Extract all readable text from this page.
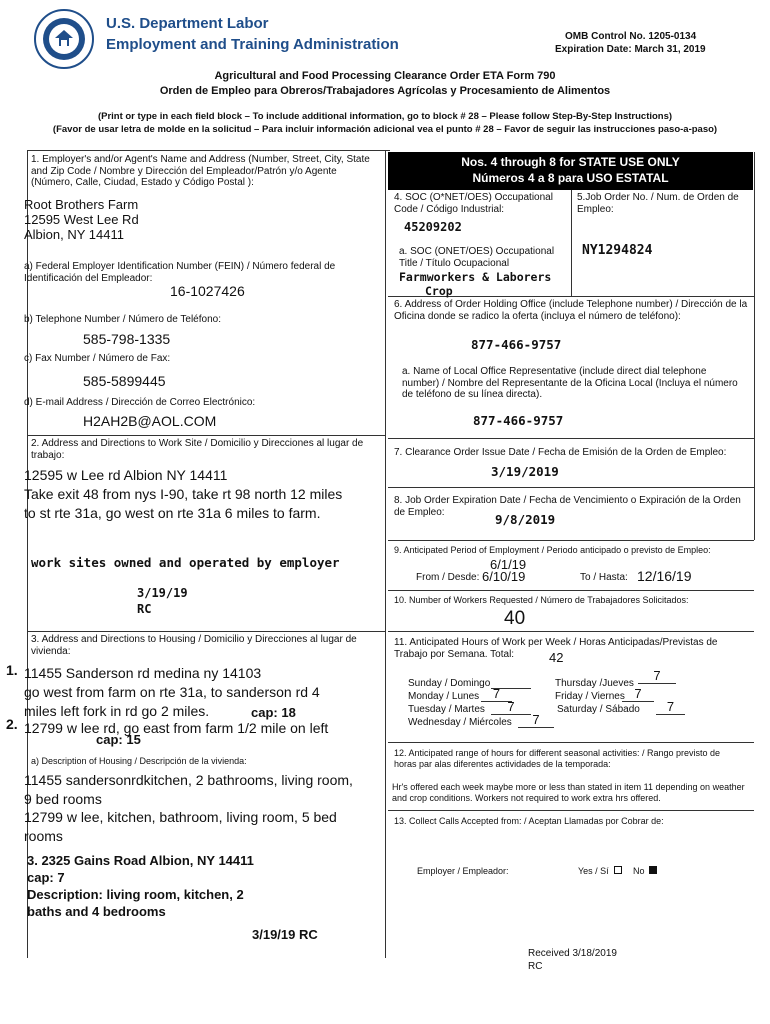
U.S. Department Labor
Employment and Training Administration	OMB Control No. 1205-0134
Expiration Date: March 31, 2019
Agricultural and Food Processing Clearance Order ETA Form 790
Orden de Empleo para Obreros/Trabajadores Agrícolas y Procesamiento de Alimentos
(Print or type in each field block – To include additional information, go to block # 28 – Please follow Step-By-Step Instructions)
(Favor de usar letra de molde en la solicitud – Para incluir información adicional vea el punto # 28 – Favor de seguir las instrucciones paso-a-paso)
Nos. 4 through 8 for STATE USE ONLY
Números 4 a 8 para USO ESTATAL
1. Employer's and/or Agent's Name and Address (Number, Street, City, State and Zip Code / Nombre y Dirección del Empleador/Patrón y/o Agente (Número, Calle, Ciudad, Estado y Código Postal ):
Root Brothers Farm
12595 West Lee Rd
Albion, NY 14411
a) Federal Employer Identification Number (FEIN) / Número federal de Identificación del Empleador:
16-1027426
b) Telephone Number / Número de Teléfono:
585-798-1335
c) Fax Number / Número de Fax:
585-5899445
d) E-mail Address / Dirección de Correo Electrónico:
H2AH2B@AOL.COM
2. Address and Directions to Work Site / Domicilio y Direcciones al lugar de trabajo:
12595 w Lee rd Albion NY 14411
Take exit 48 from nys I-90, take rt 98 north 12 miles
to st rte 31a, go west on rte 31a 6 miles to farm.
work sites owned and operated by employer
3/19/19
RC
3. Address and Directions to Housing / Domicilio y Direcciones al lugar de vivienda:
1. 11455 Sanderson rd medina ny 14103
go west from farm on rte 31a, to sanderson rd 4
miles left fork in rd go 2 miles.	cap: 18
2. 12799 w lee rd, go east from farm 1/2 mile on left
cap: 15
a) Description of Housing / Descripción de la vivienda:
11455 sandersonrdkitchen, 2 bathrooms, living room,
9 bed rooms
12799 w lee, kitchen, bathroom, living room, 5 bed
rooms
3. 2325 Gains Road Albion, NY 14411
cap: 7
Description: living room, kitchen, 2
baths and 4 bedrooms
3/19/19 RC
4. SOC (O*NET/OES) Occupational Code / Código Industrial:
45209202
5.Job Order No. / Num. de Orden de Empleo:
NY1294824
a. SOC (ONET/OES) Occupational Title / Título Ocupacional
Farmworkers & Laborers
Crop
6. Address of Order Holding Office (include Telephone number) / Dirección de la Oficina donde se radico la oferta (incluya el número de teléfono):
877-466-9757
a. Name of Local Office Representative (include direct dial telephone number) / Nombre del Representante de la Oficina Local (Incluya el número de teléfono de su línea directa).
877-466-9757
7. Clearance Order Issue Date / Fecha de Emisión de la Orden de Empleo:
3/19/2019
8. Job Order Expiration Date / Fecha de Vencimiento o Expiración de la Orden de Empleo:	9/8/2019
9. Anticipated Period of Employment / Periodo anticipado o previsto de Empleo:
From / Desde:
6/1/19
6/10/19	To / Hasta: 12/16/19
10. Number of Workers Requested / Número de Trabajadores Solicitados:
40
11. Anticipated Hours of Work per Week / Horas Anticipadas/Previstas de Trabajo por Semana. Total:	42
Sunday / Domingo
Monday / Lunes	7
Tuesday / Martes	7
Wednesday / Miércoles	7
Thursday /Jueves
7
Friday / Viernes 7
Saturday / Sábado	7
12. Anticipated range of hours for different seasonal activities: / Rango previsto de horas par alas diferentes actividades de la temporada:
Hr's offered each week maybe more or less than stated in item 11 depending on weather and crop conditions. Workers not required to work extra hrs offered.
13. Collect Calls Accepted from: / Aceptan Llamadas por Cobrar de:
Employer / Empleador:	Yes / Sí	No
Received 3/18/2019
RC
